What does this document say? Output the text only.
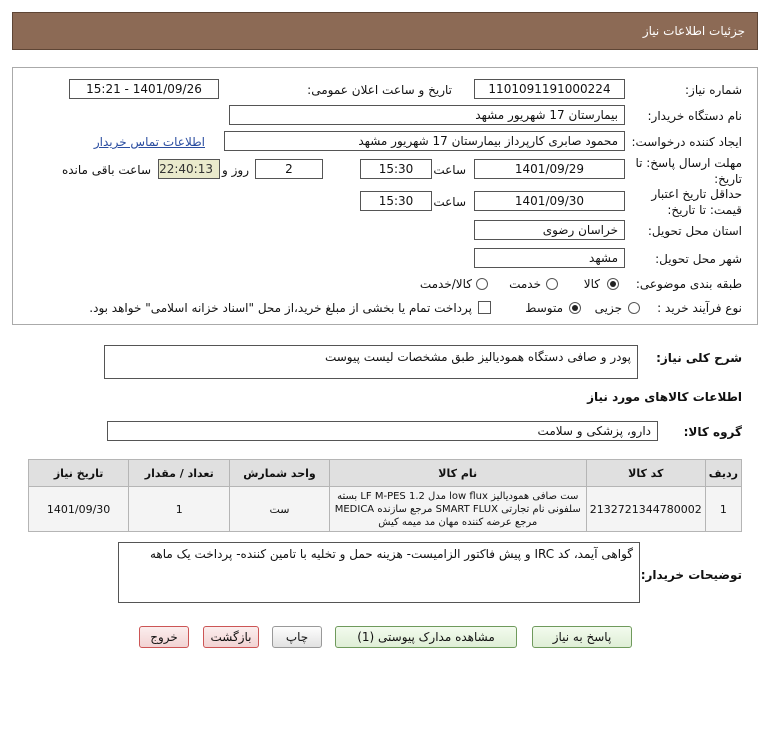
جزئیات اطلاعات نیاز
شماره نیاز:
1101091191000224
تاریخ و ساعت اعلان عمومی:
1401/09/26 - 15:21
نام دستگاه خریدار:
بیمارستان 17 شهریور مشهد
ایجاد کننده درخواست:
محمود صابری کارپرداز بیمارستان 17 شهریور مشهد
اطلاعات تماس خریدار
مهلت ارسال پاسخ: تا تاریخ:
1401/09/29
ساعت
15:30
2
روز و
22:40:13
ساعت باقی مانده
حداقل تاریخ اعتبار قیمت: تا تاریخ:
1401/09/30
ساعت
15:30
استان محل تحویل:
خراسان رضوی
شهر محل تحویل:
مشهد
طبقه بندی موضوعی:
کالا
خدمت
کالا/خدمت
نوع فرآیند خرید :
جزیی
متوسط
پرداخت تمام یا بخشی از مبلغ خرید،از محل "اسناد خزانه اسلامی" خواهد بود.
شرح کلی نیاز:
پودر و صافی دستگاه همودیالیز طبق مشخصات لیست پیوست
اطلاعات کالاهای مورد نیاز
گروه کالا:
دارو، پزشکی و سلامت
ردیف	کد کالا	نام کالا	واحد شمارش	تعداد / مقدار	تاریخ نیاز
1	2132721344780002	ست صافی همودیالیز low flux مدل LF M-PES 1.2 بسته سلفونی نام تجارتی SMART FLUX مرجع سازنده MEDICA مرجع عرضه کننده مهان مد میمه کیش	ست	1	1401/09/30
توضیحات خریدار:
گواهی آیمد، کد IRC و پیش فاکتور الزامیست- هزینه حمل و تخلیه با تامین کننده- پرداخت یک ماهه
پاسخ به نیاز
مشاهده مدارک پیوستی (1)
چاپ
بازگشت
خروج
